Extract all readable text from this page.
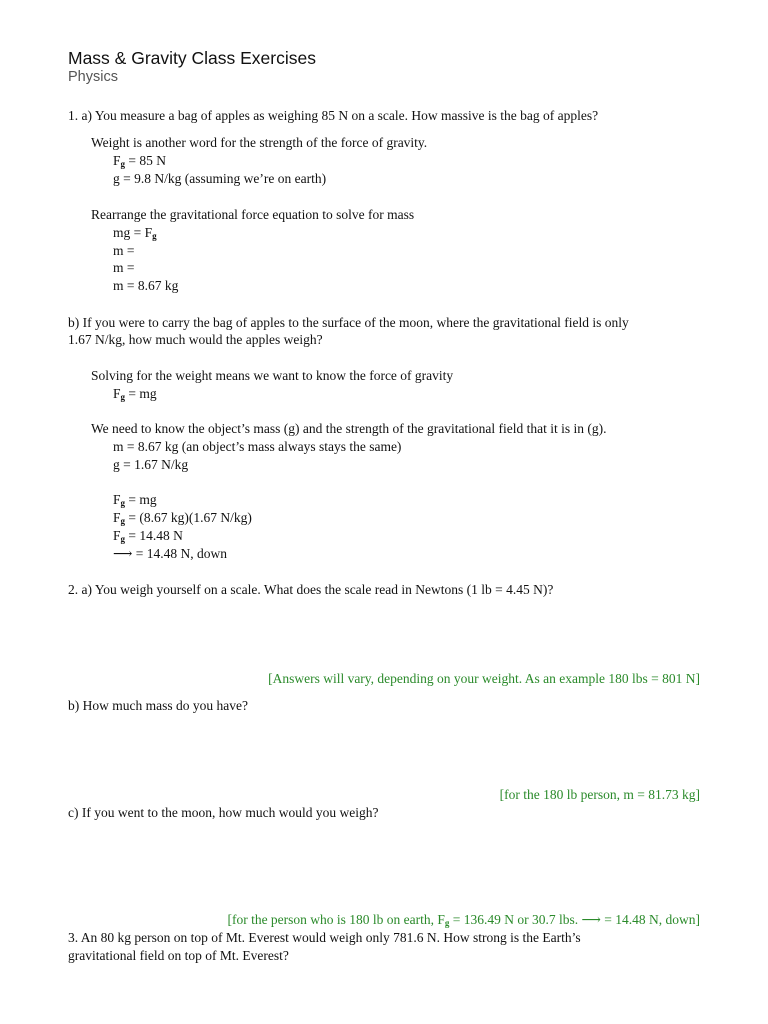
Mass & Gravity Class Exercises
Physics
1. a) You measure a bag of apples as weighing 85 N on a scale. How massive is the bag of apples?
Weight is another word for the strength of the force of gravity.
$F_g = 85$ N
g = 9.8 N/kg (assuming we’re on earth)
Rearrange the gravitational force equation to solve for mass
mg = $F_g$
m =
m =
m = 8.67 kg
b) If you were to carry the bag of apples to the surface of the moon, where the gravitational field is only
1.67 N/kg, how much would the apples weigh?
Solving for the weight means we want to know the force of gravity
$F_g$ = mg
We need to know the object’s mass (g) and the strength of the gravitational field that it is in (g).
m = 8.67 kg (an object’s mass always stays the same)
g = 1.67 N/kg
$F_g$ = mg
$F_g = (8.67$ kg)(1.67 N/kg)
$F_g = 14.48$ N
⟶ = 14.48 N, down
2. a) You weigh yourself on a scale. What does the scale read in Newtons (1 lb = 4.45 N)?
[Answers will vary, depending on your weight. As an example 180 lbs = 801 N]
b) How much mass do you have?
[for the 180 lb person, m = 81.73 kg]
c) If you went to the moon, how much would you weigh?
[for the person who is 180 lb on earth, $F_g = 136.49$ N or 30.7 lbs. ⟶ = 14.48 N, down]
3. An 80 kg person on top of Mt. Everest would weigh only 781.6 N. How strong is the Earth’s
gravitational field on top of Mt. Everest?
